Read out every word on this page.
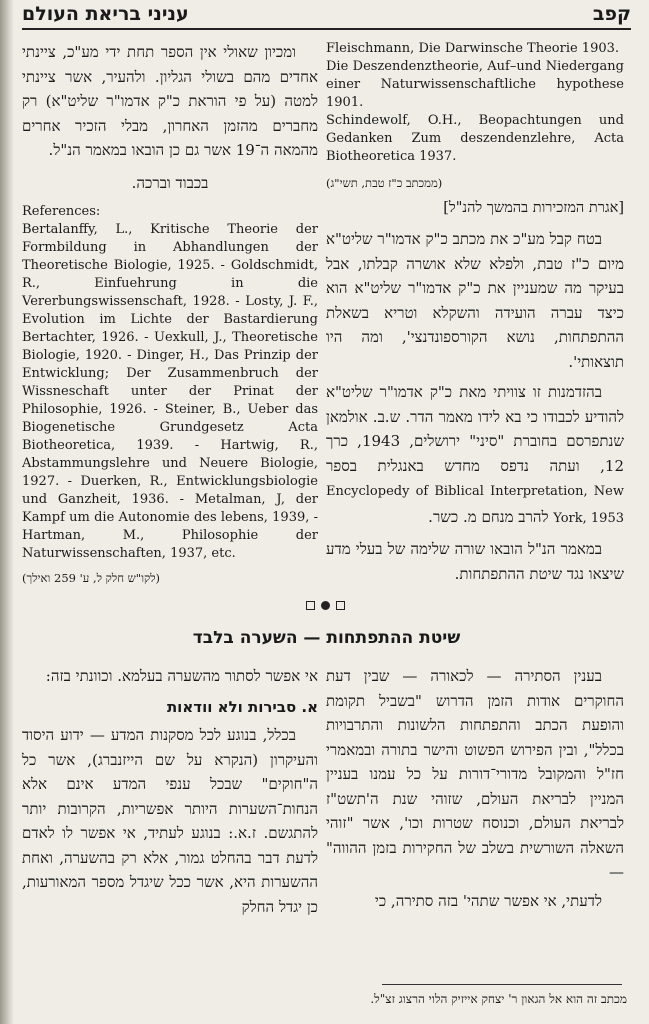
קפב
עניני בריאת העולם

Fleischmann, Die Darwinsche Theorie 1903.

Die Deszendenztheorie, Auf–und Niedergang einer Naturwissenschaftliche hypothese 1901.

Schindewolf, O.H., Beopachtungen und Gedanken Zum deszendenzlehre, Acta Biotheoretica 1937.

(ממכתב כ"ז טבת, תשי"ג)
[אגרת המזכירות בהמשך להנ"ל]

בטח קבל מע"כ את מכתב כ"ק אדמו"ר שליט"א מיום כ"ז טבת, ולפלא שלא אושרה קבלתו, אבל בעיקר מה שמעניין את כ"ק אדמו"ר שליט"א הוא כיצד עברה הועידה והשקלא וטריא בשאלת ההתפתחות, נושא הקורספונדנצי', ומה היו תוצאותי'.

בהזדמנות זו צוויתי מאת כ"ק אדמו"ר שליט"א להודיע לכבודו כי בא לידו מאמר הדר. ש.ב. אולמאן שנתפרסם בחוברת "סיני" ירושלים, 1943, כרך 12, ועתה נדפס מחדש באנגלית בספר Encyclopedy of Biblical Interpretation, New York, 1953 להרב מנחם מ. כשר.

במאמר הנ"ל הובאו שורה שלימה של בעלי מדע שיצאו נגד שיטת ההתפתחות.

ומכיון שאולי אין הספר תחת ידי מע"כ, ציינתי אחדים מהם בשולי הגליון. ולהעיר, אשר ציינתי למטה (על פי הוראת כ"ק אדמו"ר שליט"א) רק מחברים מהזמן האחרון, מבלי הזכיר אחרים מהמאה ה־19 אשר גם כן הובאו במאמר הנ"ל.

בכבוד וברכה.

References:

Bertalanffy, L., Kritische Theorie der Formbildung in Abhandlungen der Theoretische Biologie, 1925. - Goldschmidt, R., Einfuehrung in die Vererbungswissenschaft, 1928. - Losty, J. F., Evolution im Lichte der Bastardierung Bertachter, 1926. - Uexkull, J., Theoretische Biologie, 1920. - Dinger, H., Das Prinzip der Entwicklung; Der Zusammenbruch der Wissneschaft unter der Prinat der Philosophie, 1926. - Steiner, B., Ueber das Biogenetische Grundgesetz Acta Biotheoretica, 1939. - Hartwig, R., Abstammungslehre und Neuere Biologie, 1927. - Duerken, R., Entwicklungsbiologie und Ganzheit, 1936. - Metalman, J, der Kampf um die Autonomie des lebens, 1939, - Hartman, M., Philosophie der Naturwissenschaften, 1937, etc.

(לקו"ש חלק ל, ע' 259 ואילך)
שיטת ההתפתחות — השערה בלבד

בענין הסתירה — לכאורה — שבין דעת החוקרים אודות הזמן הדרוש "בשביל תקומת והופעת הכתב והתפתחות הלשונות והתרבויות בכלל", ובין הפירוש הפשוט והישר בתורה ובמאמרי חז"ל והמקובל מדורי־דורות על כל עמנו בעניין המניין לבריאת העולם, שזוהי שנת ה'תשט"ז לבריאת העולם, וכנוסח שטרות וכו', אשר "זוהי השאלה השורשית בשלב של החקירות בזמן ההווה" —

לדעתי, אי אפשר שתהי' בזה סתירה, כי

אי אפשר לסתור מהשערה בעלמא. וכוונתי בזה:

א. סבירות ולא וודאות

בכלל, בנוגע לכל מסקנות המדע — ידוע היסוד והעיקרון (הנקרא על שם הייזנברג), אשר כל ה"חוקים" שבכל ענפי המדע אינם אלא הנחות־השערות היותר אפשריות, הקרובות יותר להתגשם. ז.א.: בנוגע לעתיד, אי אפשר לו לאדם לדעת דבר בהחלט גמור, אלא רק בהשערה, ואחת ההשערות היא, אשר ככל שיגדל מספר המאורעות, כן יגדל החלק

מכתב זה הוא אל הגאון ר' יצחק אייזיק הלוי הרצוג זצ"ל.
